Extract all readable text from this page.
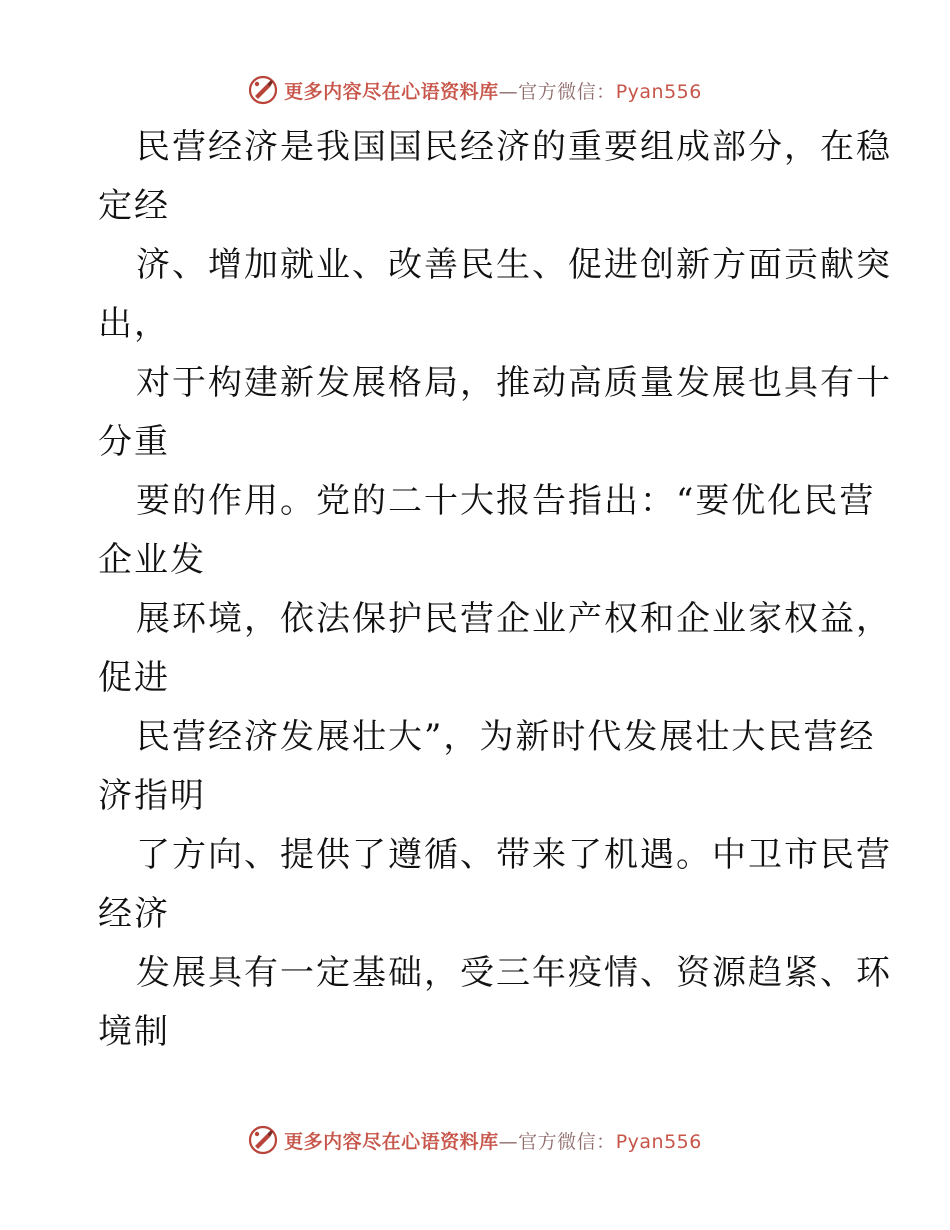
更多内容尽在心语资料库—官方微信：Pyan556
民营经济是我国国民经济的重要组成部分，在稳
定经
济、增加就业、改善民生、促进创新方面贡献突
出，
对于构建新发展格局，推动高质量发展也具有十
分重
要的作用。党的二十大报告指出：“要优化民营
企业发
展环境，依法保护民营企业产权和企业家权益，
促进
民营经济发展壮大”，为新时代发展壮大民营经
济指明
了方向、提供了遵循、带来了机遇。中卫市民营
经济
发展具有一定基础，受三年疫情、资源趋紧、环
境制
更多内容尽在心语资料库—官方微信：Pyan556
